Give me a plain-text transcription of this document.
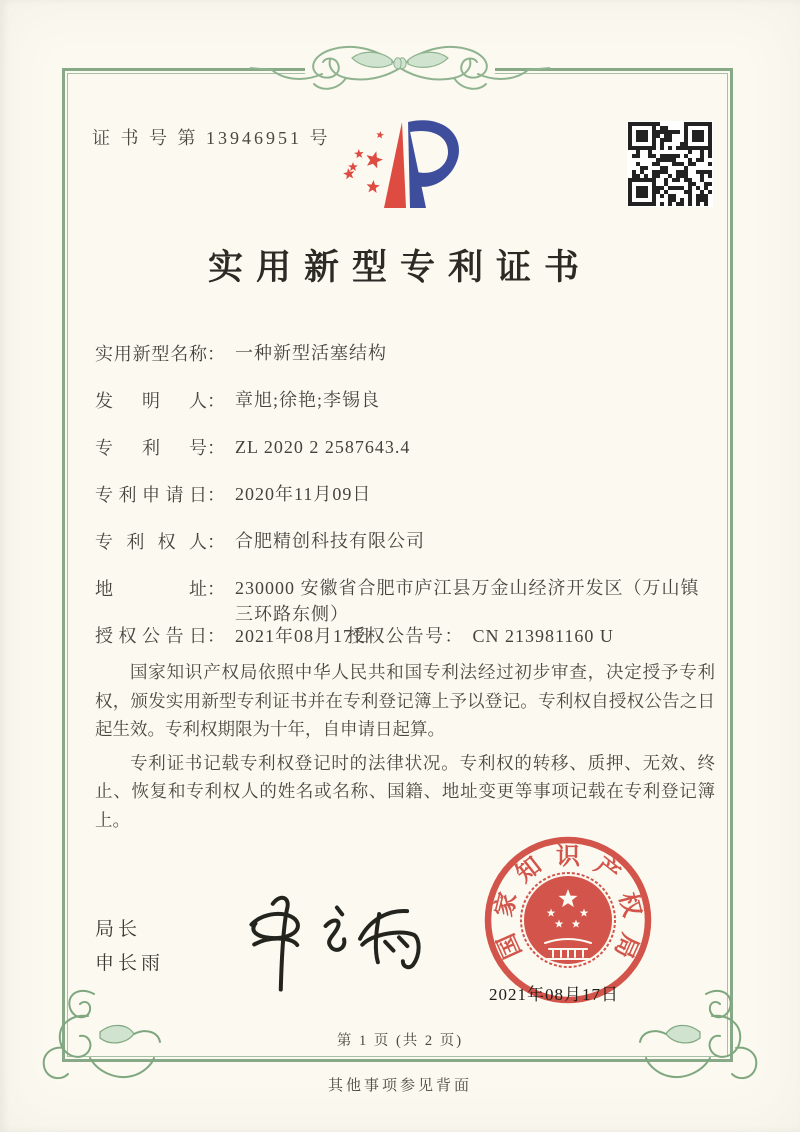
证 书 号 第 13946951 号
实用新型专利证书
实用新型名称： 一种新型活塞结构
发明人： 章旭;徐艳;李锡良
专利号： ZL 2020 2 2587643.4
专利申请日： 2020年11月09日
专利权人： 合肥精创科技有限公司
地址： 230000 安徽省合肥市庐江县万金山经济开发区（万山镇三环路东侧）
授权公告日： 2021年08月17日
授权公告号： CN 213981160 U

国家知识产权局依照中华人民共和国专利法经过初步审查，决定授予专利权，颁发实用新型专利证书并在专利登记簿上予以登记。专利权自授权公告之日起生效。专利权期限为十年，自申请日起算。

专利证书记载专利权登记时的法律状况。专利权的转移、质押、无效、终止、恢复和专利权人的姓名或名称、国籍、地址变更等事项记载在专利登记簿上。

局长
申长雨
国
家
知 识 产
权
局
2021年08月17日
第 1 页 (共 2 页)
其他事项参见背面
